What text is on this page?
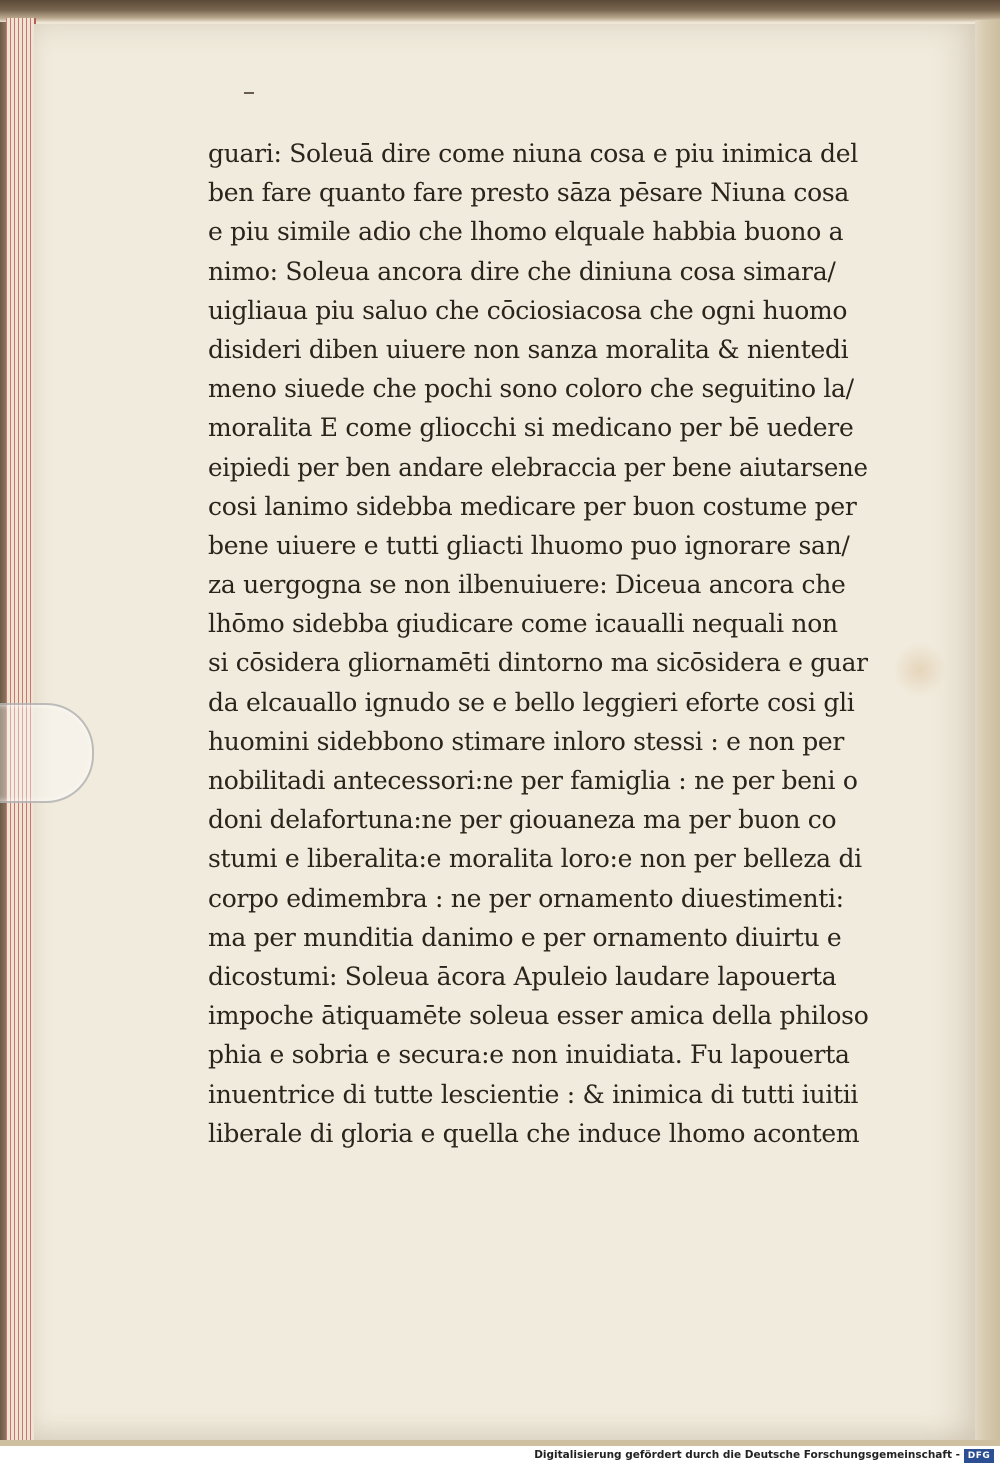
guari: Soleuā dire come niuna cosa e piu inimica del
ben fare quanto fare presto sāza pēsare Niuna cosa
e piu simile adio che lhomo elquale habbia buono a
nimo: Soleua ancora dire che diniuna cosa simara/
uigliaua piu saluo che cōciosiacosa che ogni huomo
disideri diben uiuere non sanza moralita & nientedi
meno siuede che pochi sono coloro che seguitino la/
moralita E come gliocchi si medicano per bē uedere
eipiedi per ben andare elebraccia per bene aiutarsene
cosi lanimo sidebba medicare per buon costume per
bene uiuere e tutti gliacti lhuomo puo ignorare san/
za uergogna se non ilbenuiuere: Diceua ancora che
lhōmo sidebba giudicare come icaualli nequali non
si cōsidera gliornamēti dintorno ma sicōsidera e guar
da elcauallo ignudo se e bello leggieri eforte cosi gli
huomini sidebbono stimare inloro stessi : e non per
nobilitadi antecessori:ne per famiglia : ne per beni o
doni delafortuna:ne per giouaneza ma per buon co
stumi e liberalita:e moralita loro:e non per belleza di
corpo edimembra : ne per ornamento diuestimenti:
ma per munditia danimo e per ornamento diuirtu e
dicostumi: Soleua ācora Apuleio laudare lapouerta
impoche ātiquamēte soleua esser amica della philoso
phia e sobria e secura:e non inuidiata. Fu lapouerta
inuentrice di tutte lescientie : & inimica di tutti iuitii
liberale di gloria e quella che induce lhomo acontem
Digitalisierung gefördert durch die Deutsche Forschungsgemeinschaft - DFG
